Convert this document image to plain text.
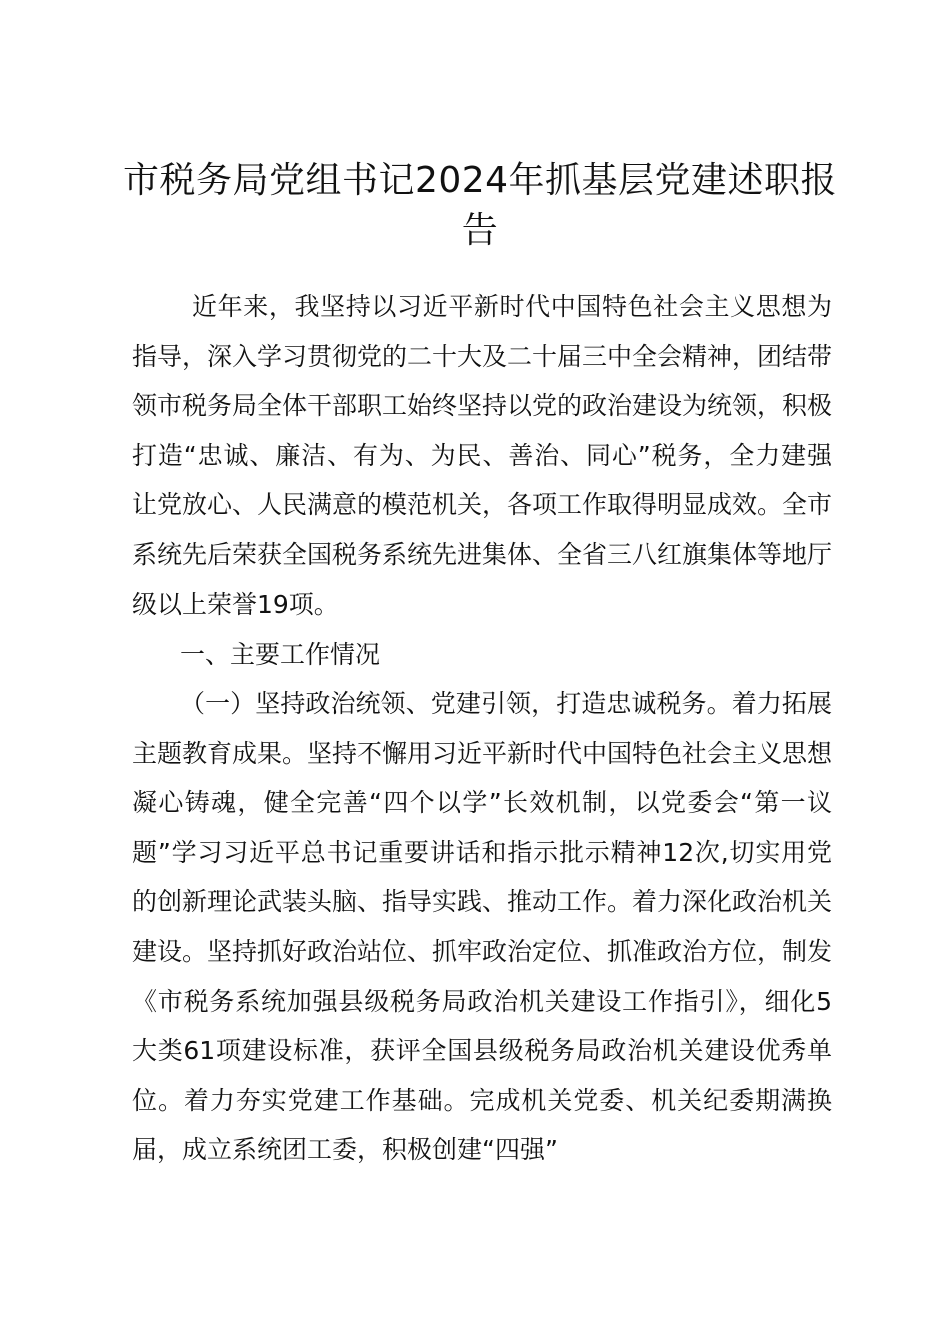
市税务局党组书记2024年抓基层党建述职报告

近年来，我坚持以习近平新时代中国特色社会主义思想为指导，深入学习贯彻党的二十大及二十届三中全会精神，团结带领市税务局全体干部职工始终坚持以党的政治建设为统领，积极打造“忠诚、廉洁、有为、为民、善治、同心”税务，全力建强让党放心、人民满意的模范机关，各项工作取得明显成效。全市系统先后荣获全国税务系统先进集体、全省三八红旗集体等地厅级以上荣誉19项。

一、主要工作情况

（一）坚持政治统领、党建引领，打造忠诚税务。着力拓展主题教育成果。坚持不懈用习近平新时代中国特色社会主义思想凝心铸魂，健全完善“四个以学”长效机制，以党委会“第一议题”学习习近平总书记重要讲话和指示批示精神12次,切实用党的创新理论武装头脑、指导实践、推动工作。着力深化政治机关建设。坚持抓好政治站位、抓牢政治定位、抓准政治方位，制发《市税务系统加强县级税务局政治机关建设工作指引》，细化5大类61项建设标准，获评全国县级税务局政治机关建设优秀单位。着力夯实党建工作基础。完成机关党委、机关纪委期满换届，成立系统团工委，积极创建“四强”
